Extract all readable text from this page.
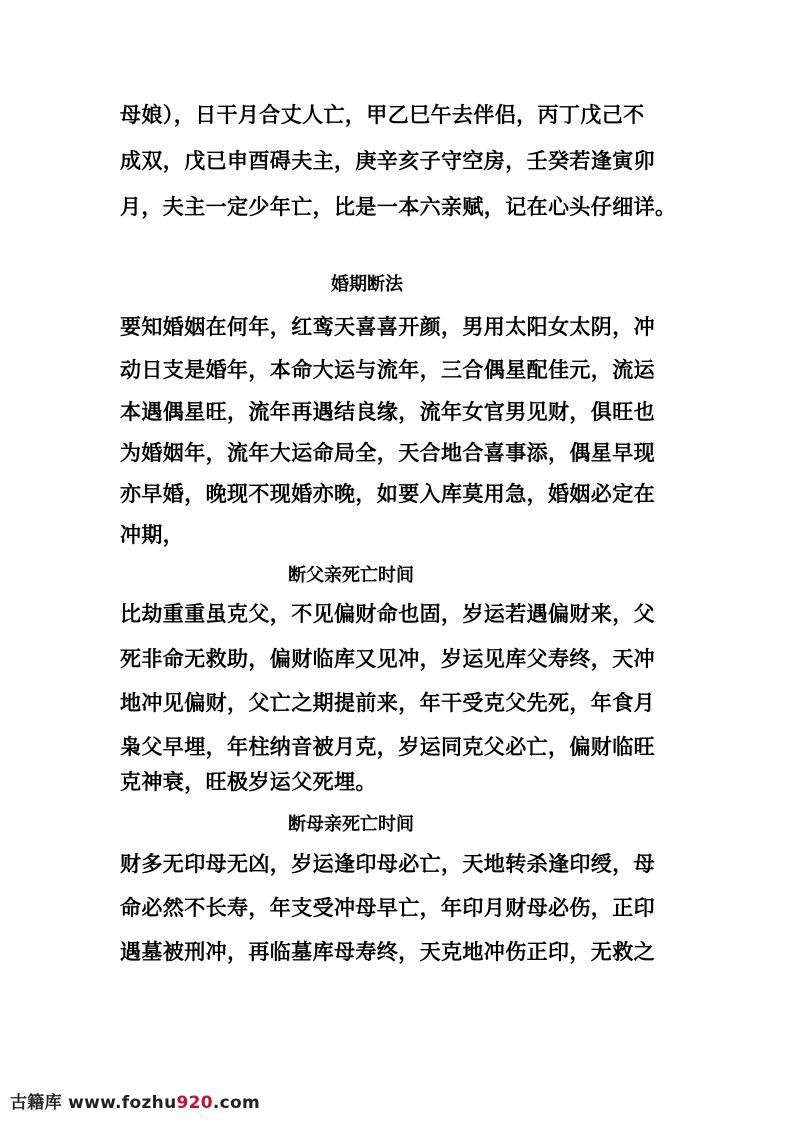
母娘），日干月合丈人亡，甲乙巳午去伴侣，丙丁戊己不
成双，戊已申酉碍夫主，庚辛亥子守空房，壬癸若逢寅卯
月，夫主一定少年亡，比是一本六亲赋，记在心头仔细详。
婚期断法
要知婚姻在何年，红鸾天喜喜开颜，男用太阳女太阴，冲
动日支是婚年，本命大运与流年，三合偶星配佳元，流运
本遇偶星旺，流年再遇结良缘，流年女官男见财，俱旺也
为婚姻年，流年大运命局全，天合地合喜事添，偶星早现
亦早婚，晚现不现婚亦晚，如要入库莫用急，婚姻必定在
冲期，
断父亲死亡时间
比劫重重虽克父，不见偏财命也固，岁运若遇偏财来，父
死非命无救助，偏财临库又见冲，岁运见库父寿终，天冲
地冲见偏财，父亡之期提前来，年干受克父先死，年食月
枭父早埋，年柱纳音被月克，岁运同克父必亡，偏财临旺
克神衰，旺极岁运父死埋。
断母亲死亡时间
财多无印母无凶，岁运逢印母必亡，天地转杀逢印绶，母
命必然不长寿，年支受冲母早亡，年印月财母必伤，正印
遇墓被刑冲，再临墓库母寿终，天克地冲伤正印，无救之
古籍库 www.fozhu920.com
